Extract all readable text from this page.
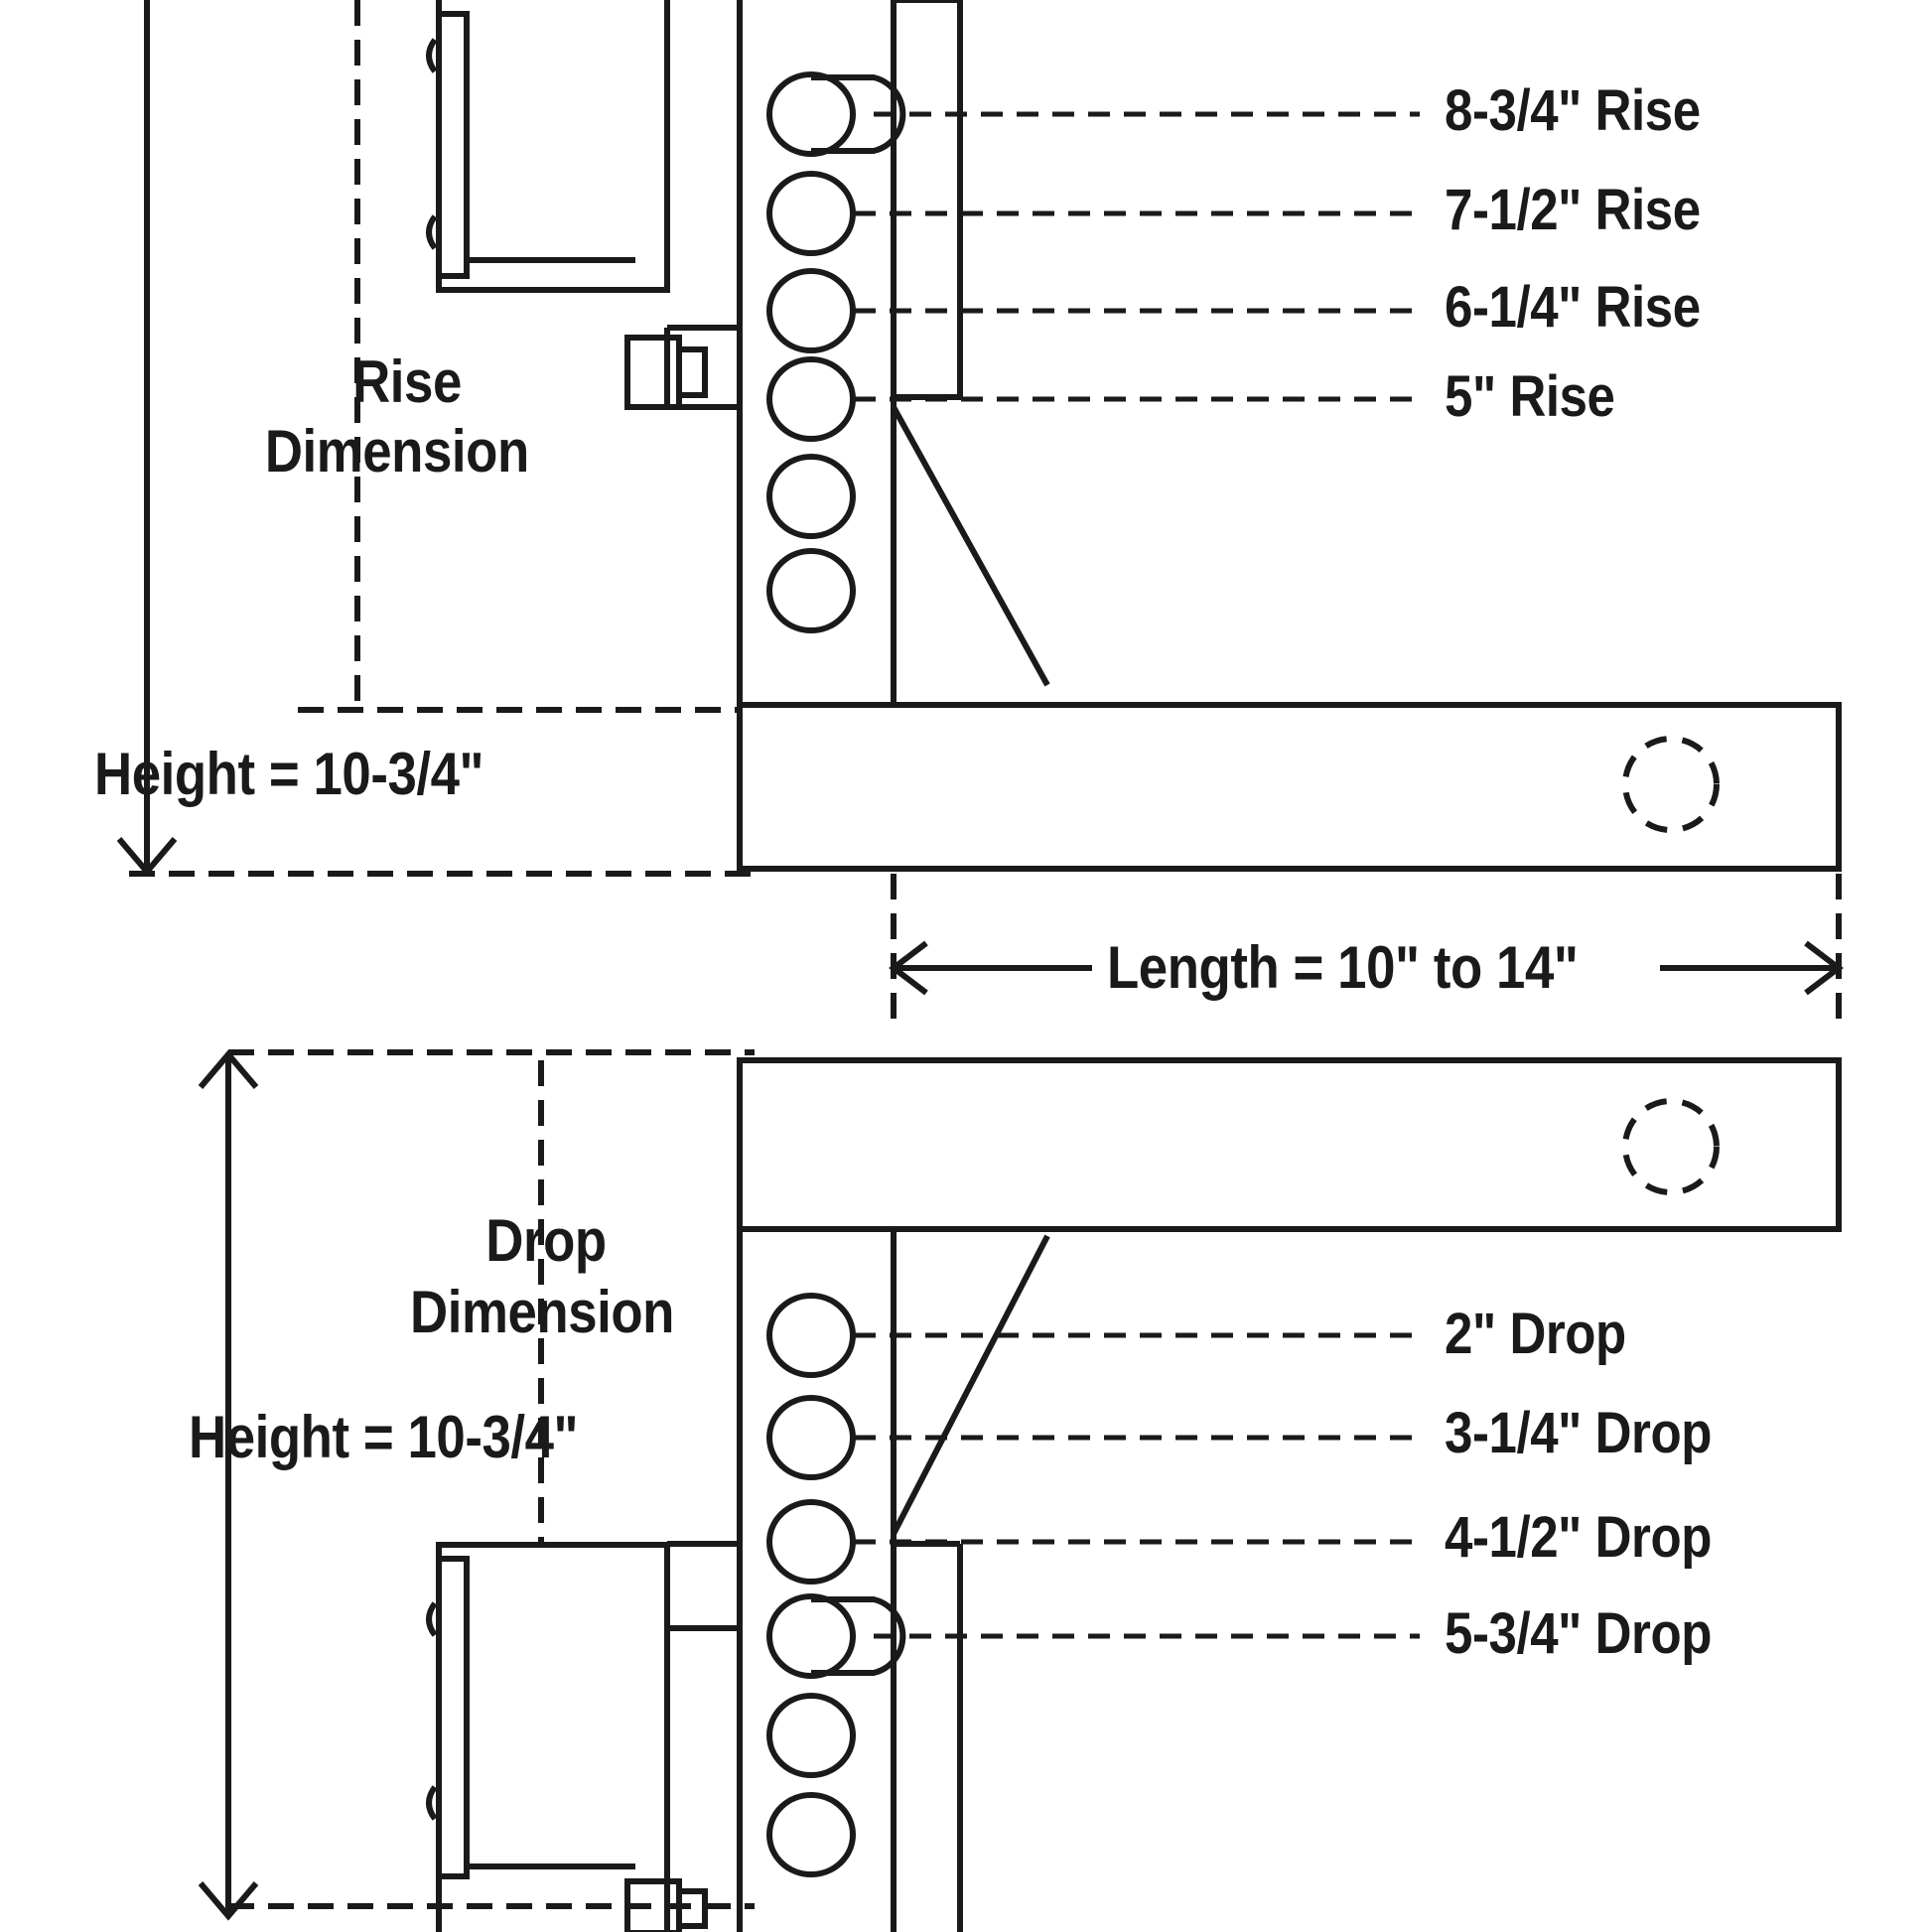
8-3/4" Rise
7-1/2" Rise
6-1/4" Rise
5" Rise
Rise
Dimension
Height = 10-3/4"
Length = 10" to 14"
Drop
Dimension
Height = 10-3/4"
2" Drop
3-1/4" Drop
4-1/2" Drop
5-3/4" Drop
